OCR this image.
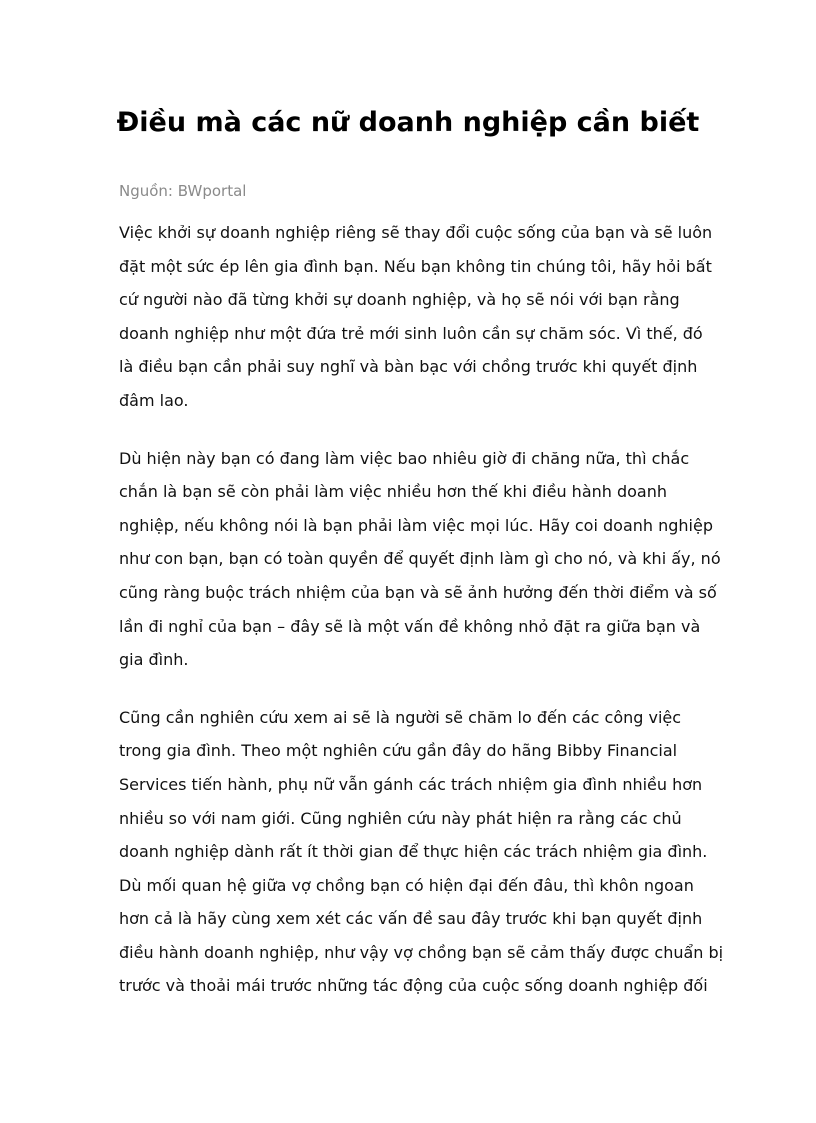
Điều mà các nữ doanh nghiệp cần biết

Nguồn: BWportal

Việc khởi sự doanh nghiệp riêng sẽ thay đổi cuộc sống của bạn và sẽ luôn
đặt một sức ép lên gia đình bạn. Nếu bạn không tin chúng tôi, hãy hỏi bất
cứ người nào đã từng khởi sự doanh nghiệp, và họ sẽ nói với bạn rằng
doanh nghiệp như một đứa trẻ mới sinh luôn cần sự chăm sóc. Vì thế, đó
là điều bạn cần phải suy nghĩ và bàn bạc với chồng trước khi quyết định
đâm lao.
Dù hiện này bạn có đang làm việc bao nhiêu giờ đi chăng nữa, thì chắc
chắn là bạn sẽ còn phải làm việc nhiều hơn thế khi điều hành doanh
nghiệp, nếu không nói là bạn phải làm việc mọi lúc. Hãy coi doanh nghiệp
như con bạn, bạn có toàn quyền để quyết định làm gì cho nó, và khi ấy, nó
cũng ràng buộc trách nhiệm của bạn và sẽ ảnh hưởng đến thời điểm và số
lần đi nghỉ của bạn – đây sẽ là một vấn đề không nhỏ đặt ra giữa bạn và
gia đình.
Cũng cần nghiên cứu xem ai sẽ là người sẽ chăm lo đến các công việc
trong gia đình. Theo một nghiên cứu gần đây do hãng Bibby Financial
Services tiến hành, phụ nữ vẫn gánh các trách nhiệm gia đình nhiều hơn
nhiều so với nam giới. Cũng nghiên cứu này phát hiện ra rằng các chủ
doanh nghiệp dành rất ít thời gian để thực hiện các trách nhiệm gia đình.
Dù mối quan hệ giữa vợ chồng bạn có hiện đại đến đâu, thì khôn ngoan
hơn cả là hãy cùng xem xét các vấn đề sau đây trước khi bạn quyết định
điều hành doanh nghiệp, như vậy vợ chồng bạn sẽ cảm thấy được chuẩn bị
trước và thoải mái trước những tác động của cuộc sống doanh nghiệp đối
